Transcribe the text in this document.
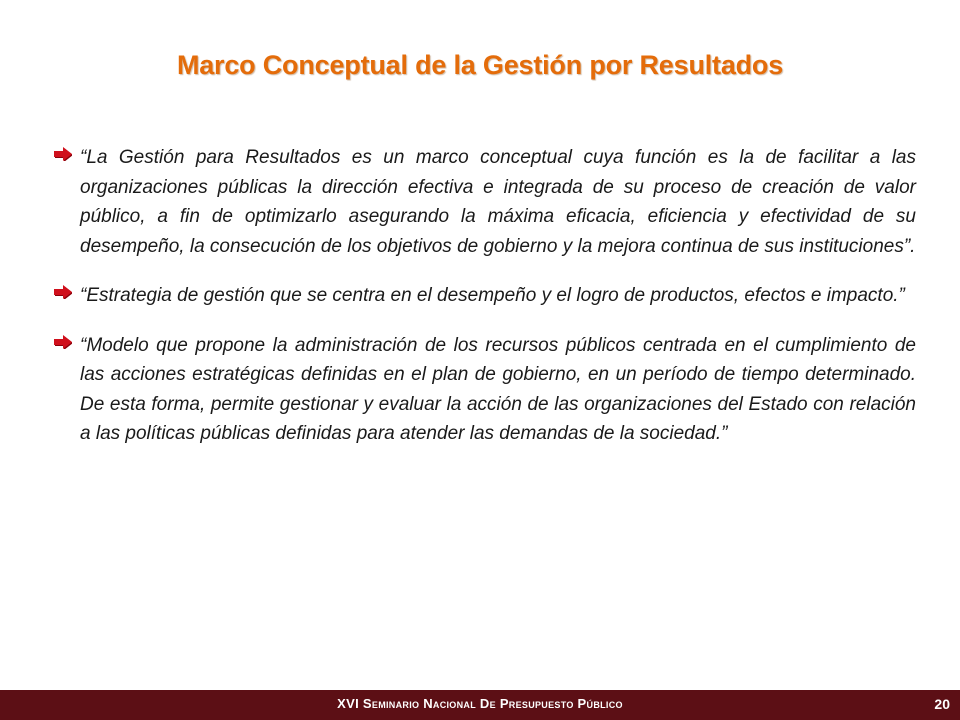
Marco Conceptual de la Gestión por Resultados

“La Gestión para Resultados es un marco conceptual cuya función es la de facilitar a las organizaciones públicas la dirección efectiva e integrada de su proceso de creación de valor público, a fin de optimizarlo asegurando la máxima eficacia, eficiencia y efectividad de su desempeño, la consecución de los objetivos de gobierno y la mejora continua de sus instituciones”.

“Estrategia de gestión que se centra en el desempeño y el logro de productos, efectos e impacto.”

“Modelo que propone la administración de los recursos públicos centrada en el cumplimiento de las acciones estratégicas definidas en el plan de gobierno, en un período de tiempo determinado. De esta forma, permite gestionar y evaluar la acción de las organizaciones del Estado con relación a las políticas públicas definidas para atender las demandas de la sociedad.”

XVI Seminario Nacional De Presupuesto Público	20
